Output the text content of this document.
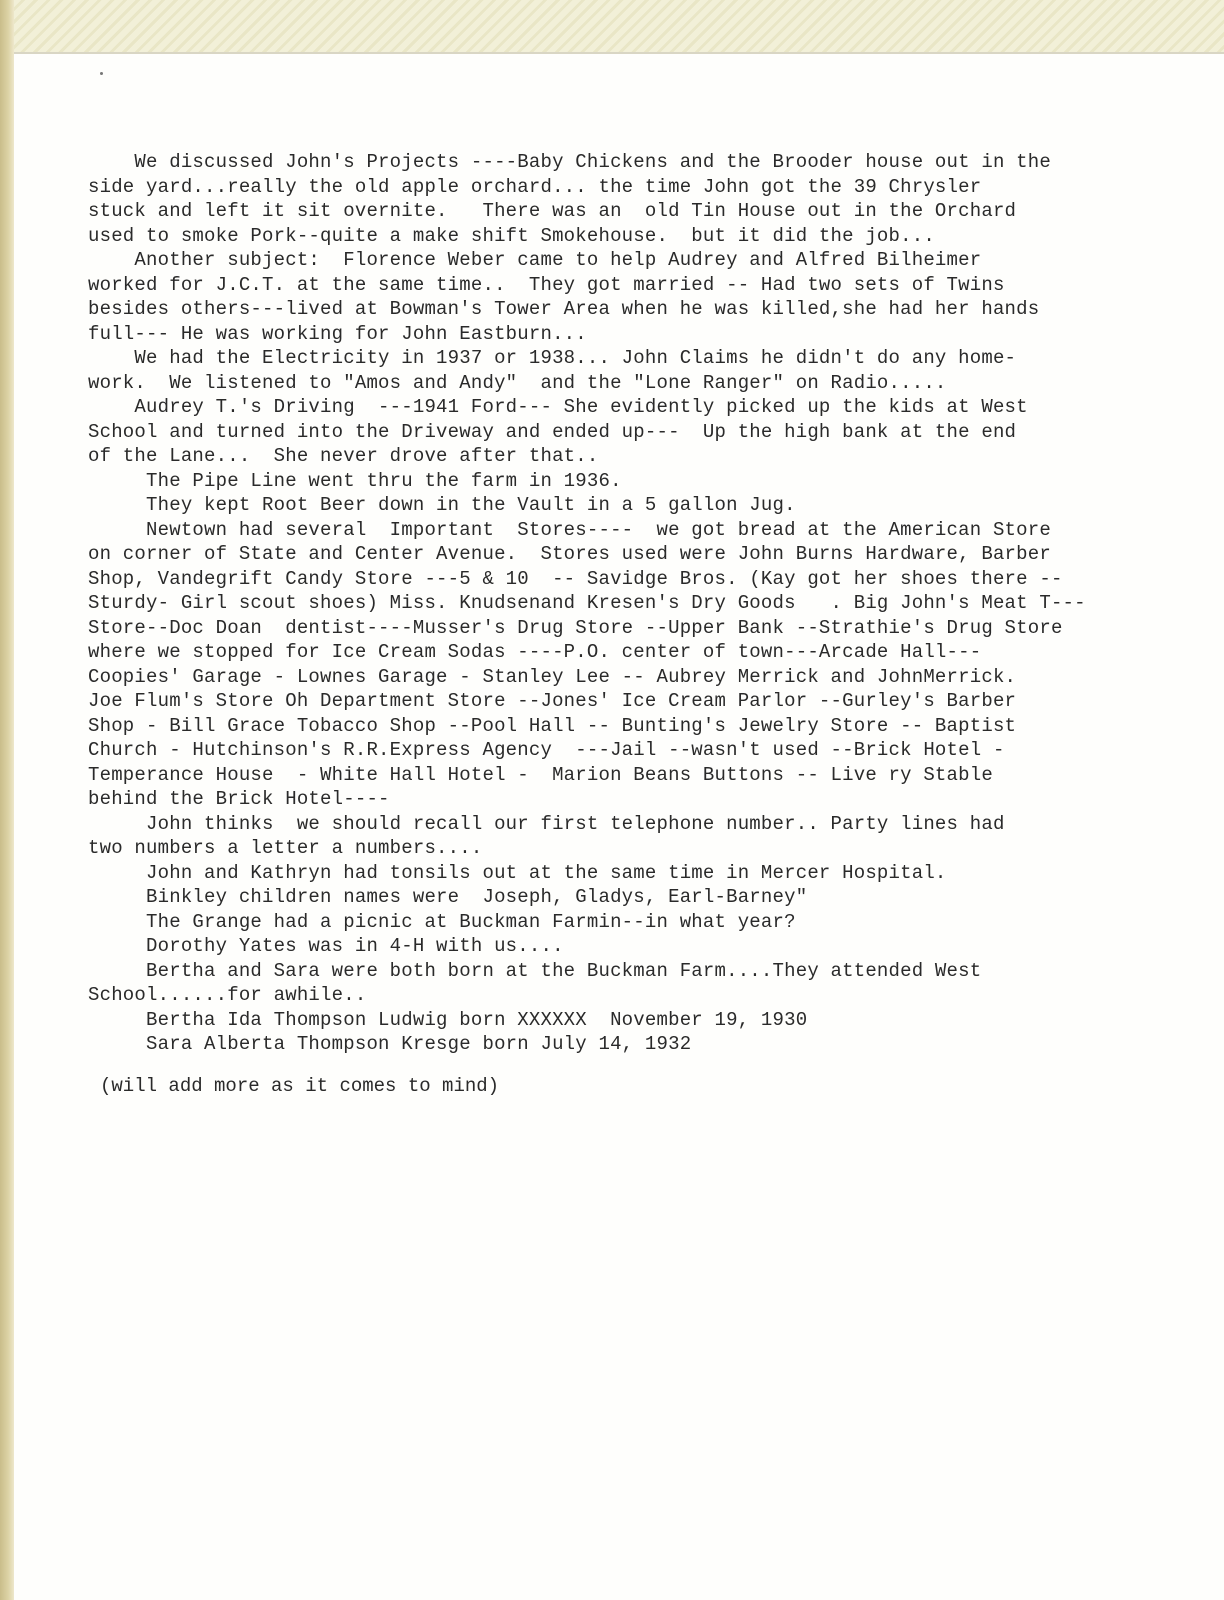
We discussed John's Projects ----Baby Chickens and the Brooder house out in the
side yard...really the old apple orchard... the time John got the 39 Chrysler
stuck and left it sit overnite.   There was an  old Tin House out in the Orchard
used to smoke Pork--quite a make shift Smokehouse.  but it did the job...
Another subject:  Florence Weber came to help Audrey and Alfred Bilheimer
worked for J.C.T. at the same time..  They got married -- Had two sets of Twins
besides others---lived at Bowman's Tower Area when he was killed,she had her hands
full--- He was working for John Eastburn...
We had the Electricity in 1937 or 1938... John Claims he didn't do any home-
work.  We listened to "Amos and Andy"  and the "Lone Ranger" on Radio.....
Audrey T.'s Driving  ---1941 Ford--- She evidently picked up the kids at West
School and turned into the Driveway and ended up---  Up the high bank at the end
of the Lane...  She never drove after that..
The Pipe Line went thru the farm in 1936.
They kept Root Beer down in the Vault in a 5 gallon Jug.
Newtown had several  Important  Stores----  we got bread at the American Store
on corner of State and Center Avenue.  Stores used were John Burns Hardware, Barber
Shop, Vandegrift Candy Store ---5 & 10  -- Savidge Bros. (Kay got her shoes there --
Sturdy- Girl scout shoes) Miss. Knudsenand Kresen's Dry Goods   . Big John's Meat T---
Store--Doc Doan  dentist----Musser's Drug Store --Upper Bank --Strathie's Drug Store
where we stopped for Ice Cream Sodas ----P.O. center of town---Arcade Hall---
Coopies' Garage - Lownes Garage - Stanley Lee -- Aubrey Merrick and JohnMerrick.
Joe Flum's Store Oh Department Store --Jones' Ice Cream Parlor --Gurley's Barber
Shop - Bill Grace Tobacco Shop --Pool Hall -- Bunting's Jewelry Store -- Baptist
Church - Hutchinson's R.R.Express Agency  ---Jail --wasn't used --Brick Hotel -
Temperance House  - White Hall Hotel -  Marion Beans Buttons -- Live ry Stable
behind the Brick Hotel----
John thinks  we should recall our first telephone number.. Party lines had
two numbers a letter a numbers....
John and Kathryn had tonsils out at the same time in Mercer Hospital.
Binkley children names were  Joseph, Gladys, Earl-Barney"
The Grange had a picnic at Buckman Farmin--in what year?
Dorothy Yates was in 4-H with us....
Bertha and Sara were both born at the Buckman Farm....They attended West
School......for awhile..
Bertha Ida Thompson Ludwig born XXXXXX  November 19, 1930
Sara Alberta Thompson Kresge born July 14, 1932
(will add more as it comes to mind)
